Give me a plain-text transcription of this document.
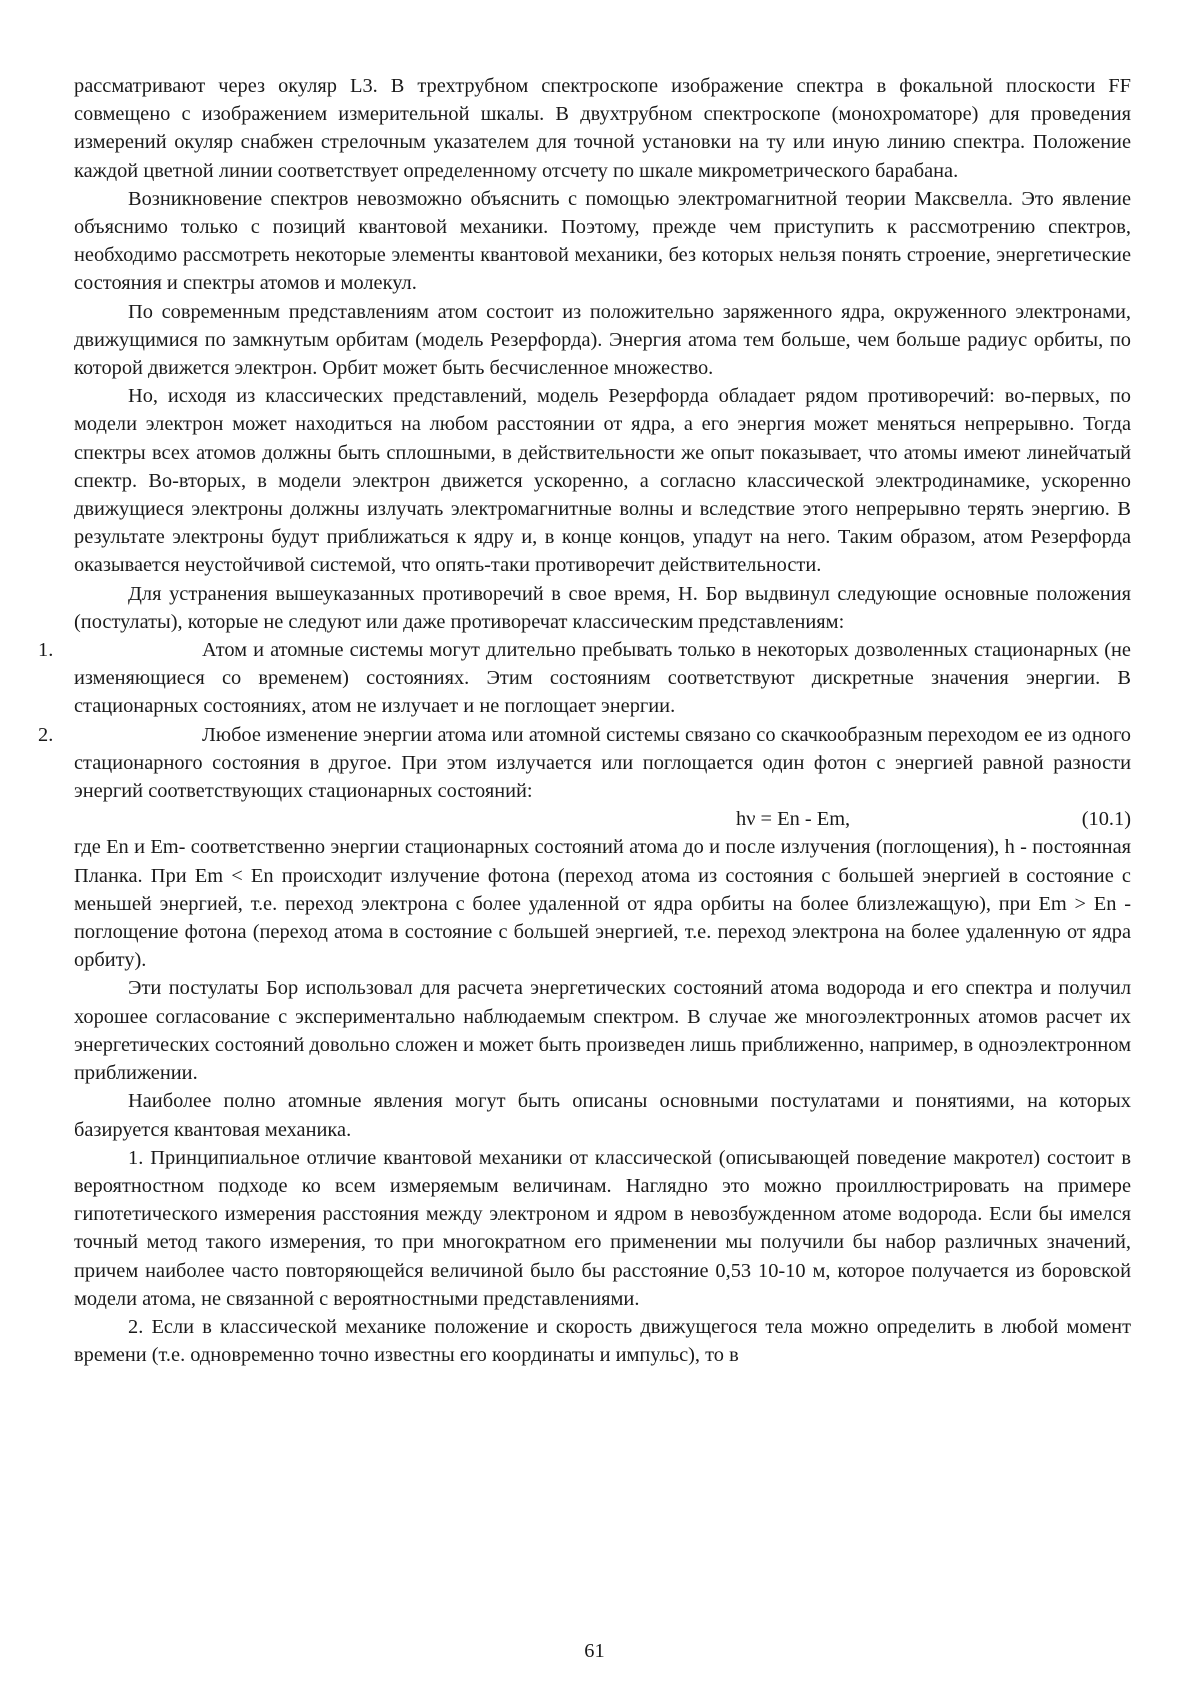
рассматривают через окуляр L3. В трехтрубном спектроскопе изображение спектра в фокальной плоскости FF совмещено с изображением измерительной шкалы. В двухтрубном спектроскопе (монохроматоре) для проведения измерений окуляр снабжен стрелочным указателем для точной установки на ту или иную линию спектра. Положение каждой цветной линии соответствует определенному отсчету по шкале микрометрического барабана.

Возникновение спектров невозможно объяснить с помощью электромагнитной теории Максвелла. Это явление объяснимо только с позиций квантовой механики. Поэтому, прежде чем приступить к рассмотрению спектров, необходимо рассмотреть некоторые элементы квантовой механики, без которых нельзя понять строение, энергетические состояния и спектры атомов и молекул.

По современным представлениям атом состоит из положительно заряженного ядра, окруженного электронами, движущимися по замкнутым орбитам (модель Резерфорда). Энергия атома тем больше, чем больше радиус орбиты, по которой движется электрон. Орбит может быть бесчисленное множество.

Но, исходя из классических представлений, модель Резерфорда обладает рядом противоречий: во-первых, по модели электрон может находиться на любом расстоянии от ядра, а его энергия может меняться непрерывно. Тогда спектры всех атомов должны быть сплошными, в действительности же опыт показывает, что атомы имеют линейчатый спектр. Во-вторых, в модели электрон движется ускоренно, а согласно классической электродинамике, ускоренно движущиеся электроны должны излучать электромагнитные волны и вследствие этого непрерывно терять энергию. В результате электроны будут приближаться к ядру и, в конце концов, упадут на него. Таким образом, атом Резерфорда оказывается неустойчивой системой, что опять-таки противоречит действительности.

Для устранения вышеуказанных противоречий в свое время, Н. Бор выдвинул следующие основные положения (постулаты), которые не следуют или даже противоречат классическим представлениям:

1.	Атом и атомные системы могут длительно пребывать только в некоторых дозволенных стационарных (не изменяющиеся со временем) состояниях. Этим состояниям соответствуют дискретные значения энергии. В стационарных состояниях, атом не излучает и не поглощает энергии.

2.	Любое изменение энергии атома или атомной системы связано со скачкообразным переходом ее из одного стационарного состояния в другое. При этом излучается или поглощается один фотон с энергией равной разности энергий соответствующих стационарных состояний:

hν = En - Em,	(10.1)

где En и Em- соответственно энергии стационарных состояний атома до и после излучения (поглощения), h - постоянная Планка. При Em < En происходит излучение фотона (переход атома из состояния с большей энергией в состояние с меньшей энергией, т.е. переход электрона с более удаленной от ядра орбиты на более близлежащую), при Em > En - поглощение фотона (переход атома в состояние с большей энергией, т.е. переход электрона на более удаленную от ядра орбиту).

Эти постулаты Бор использовал для расчета энергетических состояний атома водорода и его спектра и получил хорошее согласование с экспериментально наблюдаемым спектром. В случае же многоэлектронных атомов расчет их энергетических состояний довольно сложен и может быть произведен лишь приближенно, например, в одноэлектронном приближении.

Наиболее полно атомные явления могут быть описаны основными постулатами и понятиями, на которых базируется квантовая механика.

1. Принципиальное отличие квантовой механики от классической (описывающей поведение макротел) состоит в вероятностном подходе ко всем измеряемым величинам. Наглядно это можно проиллюстрировать на примере гипотетического измерения расстояния между электроном и ядром в невозбужденном атоме водорода. Если бы имелся точный метод такого измерения, то при многократном его применении мы получили бы набор различных значений, причем наиболее часто повторяющейся величиной было бы расстояние 0,53 10-10 м, которое получается из боровской модели атома, не связанной с вероятностными представлениями.

2. Если в классической механике положение и скорость движущегося тела можно определить в любой момент времени (т.е. одновременно точно известны его координаты и импульс), то в

61
